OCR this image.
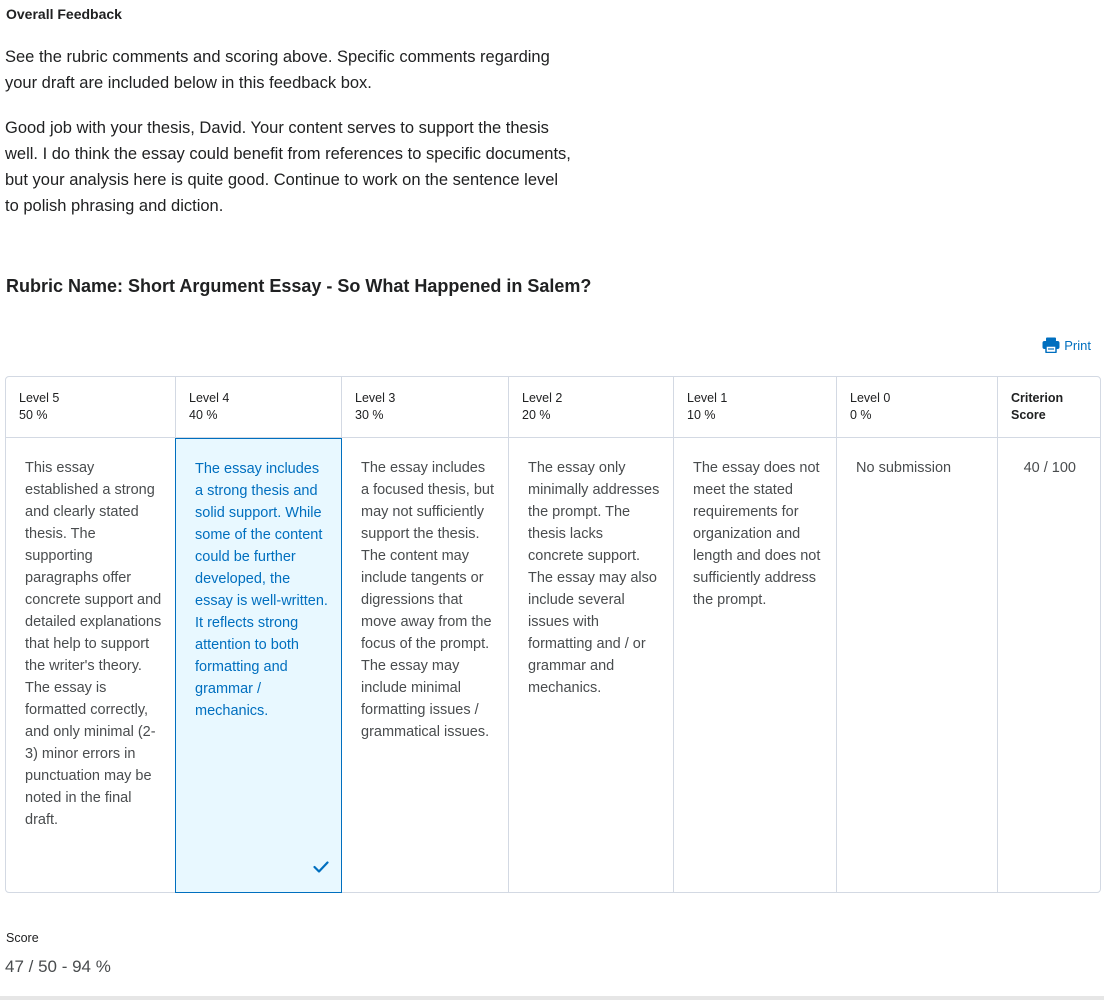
Overall Feedback

See the rubric comments and scoring above. Specific comments regarding your draft are included below in this feedback box.

Good job with your thesis, David. Your content serves to support the thesis well. I do think the essay could benefit from references to specific documents, but your analysis here is quite good. Continue to work on the sentence level to polish phrasing and diction.

Rubric Name: Short Argument Essay - So What Happened in Salem?
Print
Level 5
50 %
This essay established a strong and clearly stated thesis. The supporting paragraphs offer concrete support and detailed explanations that help to support the writer's theory. The essay is formatted correctly, and only minimal (2-3) minor errors in punctuation may be noted in the final draft.
Level 4
40 %
The essay includes a strong thesis and solid support. While some of the content could be further developed, the essay is well-written. It reflects strong attention to both formatting and grammar / mechanics.
Level 3
30 %
The essay includes a focused thesis, but may not sufficiently support the thesis. The content may include tangents or digressions that move away from the focus of the prompt. The essay may include minimal formatting issues / grammatical issues.
Level 2
20 %
The essay only minimally addresses the prompt. The thesis lacks concrete support. The essay may also include several issues with formatting and / or grammar and mechanics.
Level 1
10 %
The essay does not meet the stated requirements for organization and length and does not sufficiently address the prompt.
Level 0
0 %
No submission
Criterion
Score
40 / 100
Score
47 / 50 - 94 %
